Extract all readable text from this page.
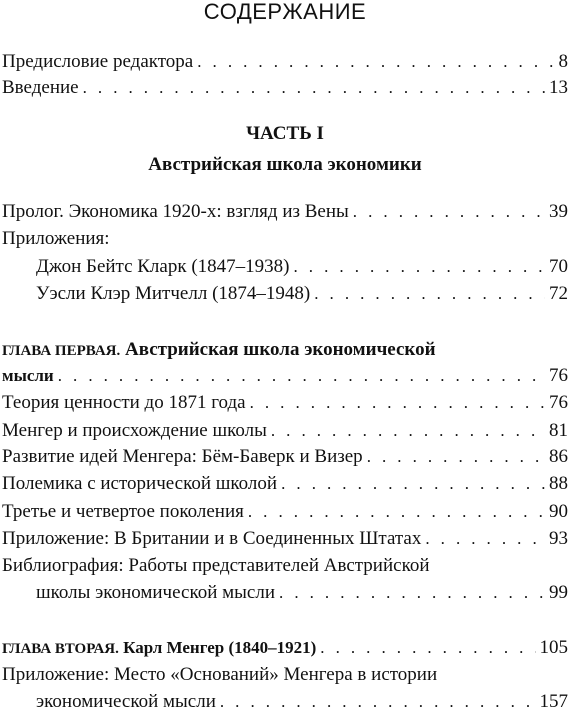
СОДЕРЖАНИЕ
Предисловие редактора . . .	8
Введение . . .	13
ЧАСТЬ I
Австрийская школа экономики
Пролог. Экономика 1920-х: взгляд из Вены . . .	39
Приложения:
Джон Бейтс Кларк (1847–1938) . . .	70
Уэсли Клэр Митчелл (1874–1948) . . .	72
ГЛАВА ПЕРВАЯ. Австрийская школа экономической
мысли . . .	76
Теория ценности до 1871 года . . .	76
Менгер и происхождение школы . . .	81
Развитие идей Менгера: Бём-Баверк и Визер . . .	86
Полемика с исторической школой . . .	88
Третье и четвертое поколения . . .	90
Приложение: В Британии и в Соединенных Штатах . . .	93
Библиография: Работы представителей Австрийской
школы экономической мысли . . .	99
ГЛАВА ВТОРАЯ. Карл Менгер (1840–1921) . . .	105
Приложение: Место «Оснований» Менгера в истории
экономической мысли . . .	157
